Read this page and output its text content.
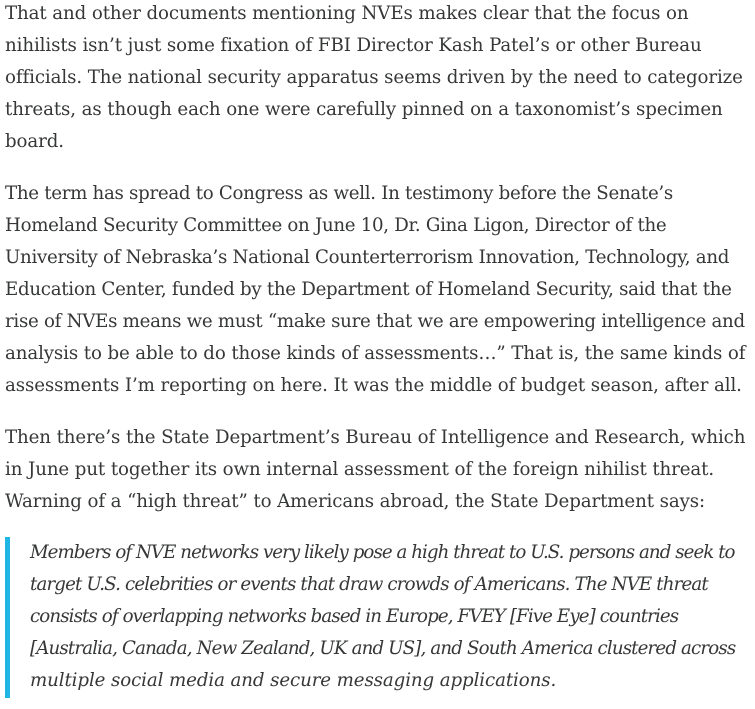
That and other documents mentioning NVEs makes clear that the focus on
nihilists isn’t just some fixation of FBI Director Kash Patel’s or other Bureau
officials. The national security apparatus seems driven by the need to categorize
threats, as though each one were carefully pinned on a taxonomist’s specimen
board.

The term has spread to Congress as well. In testimony before the Senate’s
Homeland Security Committee on June 10, Dr. Gina Ligon, Director of the
University of Nebraska’s National Counterterrorism Innovation, Technology, and
Education Center, funded by the Department of Homeland Security, said that the
rise of NVEs means we must “make sure that we are empowering intelligence and
analysis to be able to do those kinds of assessments…” That is, the same kinds of
assessments I’m reporting on here. It was the middle of budget season, after all.

Then there’s the State Department’s Bureau of Intelligence and Research, which
in June put together its own internal assessment of the foreign nihilist threat.
Warning of a “high threat” to Americans abroad, the State Department says:

Members of NVE networks very likely pose a high threat to U.S. persons and seek to
target U.S. celebrities or events that draw crowds of Americans. The NVE threat
consists of overlapping networks based in Europe, FVEY [Five Eye] countries
[Australia, Canada, New Zealand, UK and US], and South America clustered across
multiple social media and secure messaging applications.
